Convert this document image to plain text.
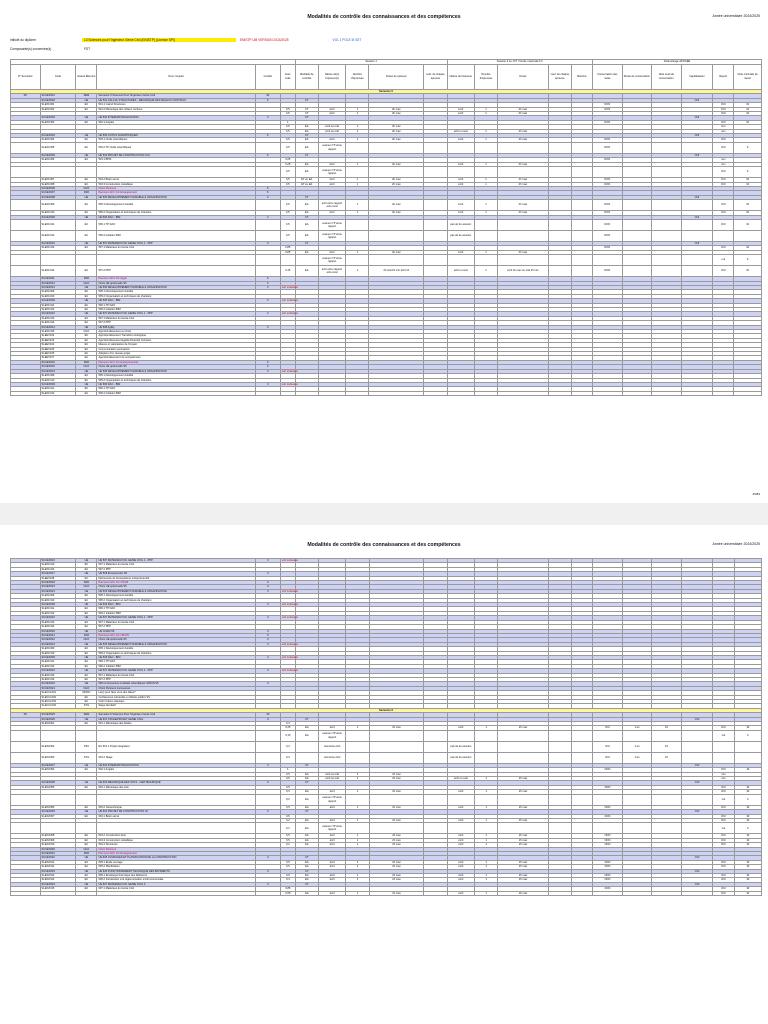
Modalités de contrôle des connaissances et des compétences	Année universitaire 2024/2025
Intitulé du diplôme	L3 Sciences pour l'Ingénieur Génie Civil (ENISTP) (Licence SPI)	ENISTP UM VERSION 2024/2025	VOL 1 POLE M SET
Composante(s) concernée(s)	FST
						Session 1					Session 2 ou 1CT / Durée maximale 6 h					Paramétrage APOGEE					
N° Semestre	Code	Nature Élément	Nom complet	Crédits	Coef. code	Modalité de contrôle	Nature de(s) l'épreuve(s)	Nombre d'épreuves	Durée de épreuve	coef. de chaque épreuve	Nature de l'épreuve	Nombre d'épreuves	Durée	coef. de chaque épreuve	Barème	Conservation des notes	Durée de conservation	Note seuil de conservation	Capitalisation	Report	Note minimale de report
Semestre 5																					
S5	SCUEX001	SEM	Semestre 5 Sciences Pour l'Ingénieur Génie Civil	30																	
	SCUEX002	UE	UE 501 CALCUL STRUCTURES - MECANIQUE DES MILIEUX CONTINUS	6		CT													OUI		
	SLEX1N01	EC	501.1 Calcul Structures													NON				OUI	10
	SLEX1N02	EC	501.2 Mécanique des milieux continus		0,5	CT	écrit	1	2h max		écrit	1	2h max			NON				OUI	10
					0,5	CT	écrit	1	2h max		écrit	1	2h max							OUI	10
	SCUEX003	UE	UE 502 INTERNATIONALISATION	3		CT													OUI		
	SLEX1N03	EC	502.1 Anglais		1											NON				OUI	10
					0,5	EA	écrit ou oral	1	2h max											non	
					0,5	EA	écrit ou oral	1	2h max		écrit ou oral	1	2h max							non	
	SCUEX004	UE	UE 503 OUTILS SCIENTIFIQUES	6		CT													OUI		
	SLEX1N04	EC	503.1 Outils scientifiques		0,5	EA	écrit	1	2h max		écrit	1	2h max			NON				OUI	
	SLEX1N05	EC	503.2 TP Outils scientifiques		0,5	EA	examen TP et/ou rapport									NON				OUI	0
	SCUEX005	UE	UE 504 PROJET DE CONSTRUCTION CCC	6		CT													OUI		
	SLEX1N06	EC	504.1 BPM		0,25											NON				non	
					0,25	EA	écrit	1	2h max		écrit	1	2h max							non	
					0,5	EA	examen TP et/ou rapport													OUI	0
	SLEX1N07	EC	504.2 Béton armé		0,5	ET ou EA	écrit	1	2h max		écrit	1	2h max			NON				OUI	10
	SLEX1N08	EC	504.3 Construction métallique		0,5	ET ou EA	écrit	1	2h max		écrit	1	2h max			NON				OUI	10
	SCUEX006	CHO	Choix Parcours	6																	
	SCUEX007	PAR	Parcours GFC GC Enseignement	6																	
	SCUEX008	UE	UE 505 DEVELOPPEMENT DURABLE & ORGANISATION	3		CT													OUI		
	SLEX1N09	EC	505.1 Développement durable		0,5	EA	écrit et/ou rapport et/ou oral	1	2h max		écrit	1	2h max			NON				OUI	10
	SLEX1N10	EC	505.2 Organisation et techniques de chantiers		0,5	EA	écrit	1	2h max		écrit	1	2h max			NON				OUI	10
	SCUEX009	UE	UE 506 DAO - BIM	3		CT													OUI		
	SLEX1N11	EC	506.1 TP DAO		0,5	EA	examen TP et/ou rapport				pas de 2e session					NON				OUI	10
	SLEX1N12	EC	506.2 Initiation BIM		0,5	EA	examen TP et/ou rapport				pas de 2e session					NON					
	SCUEX010	UE	UE 507 MATERIAUX DU GENIE CIVIL 1 - PPP	3		CT													OUI		
	SLEX1N13	EC	507.1 Matériaux du Génie Civil		0,85											NON				OUI	10
					0,85	EA	écrit	1	2h max		écrit	1	2h max								
							examen TP et/ou rapport													nul	0
	SLEX1N14	EC	507.2 PPP		0,15	EA	écrit et/ou rapport et/ou oral	1	2h oral 15 min écrit 1h		écrit ou oral	1	écrit 1h max ou oral 15 min			NON				OUI	10
	SCUEX011	PAR	Parcours GFC GC Agglo	6																	
	SCUEX012	CHO	Choix UE optionnelle S5	3																	
	SCUEX013	UE	UE 505 DEVELOPPEMENT DURABLE & ORGANISATION	3	voir ci-dessus																
	SLEX1N09	EC	505.1 Développement durable																		
	SLEX1N10	EC	505.2 Organisation et techniques de chantiers																		
	SCUEX009	UE	UE 506 DAO - BIM	3	voir ci-dessus																
	SLEX1N11	EC	506.1 TP DAO																		
	SLEX1N12	EC	506.2 Initiation BIM																		
	SCUEX010	UE	UE 507 MATERIAUX DU GENIE CIVIL 1 - PPP	3	voir ci-dessus																
	SLEX1N13	EC	507.1 Matériaux du Génie Civil																		
	SLEX1N14	EC	507.2 PPP																		
	SCUEX014	UE	UE 508 Agility	3																	
	SLEX1N15	CHO	Approfondissement au choix																		
	SLEEX102	EC	Approfondissement Transition écologique																		
	SLEEX103	EC	Approfondissement Egalité Diversité Inclusion																		
	SLEEX104	EC	Mesure et valorisation de l'impact																		
	SLEEX105	EC	Communication persuasive																		
	SLEEX106	EC	Adoption d'un réseau-projet																		
	SLEEX107	EC	Approfondissement de compétences																		
	SCUEX015	PAR	Parcours GFC GC Entrepreneuriat	6																	
	SCUEX016	CHO	Choix UE optionnelle S5	3																	
	SCUEX013	UE	UE 505 DEVELOPPEMENT DURABLE & ORGANISATION	3	voir ci-dessus																
	SLEX1N09	EC	505.1 Développement durable																		
	SLEX1N10	EC	505.2 Organisation et techniques de chantiers																		
	SCUEX009	UE	UE 506 DAO - BIM	3	voir ci-dessus																
	SLEX1N11	EC	506.1 TP DAO																		
	SLEX1N12	EC	506.2 Initiation BIM																		
25/83
Modalités de contrôle des connaissances et des compétences	Année universitaire 2024/2025
	SCUEX010	UE	UE 507 MATERIAUX DU GENIE CIVIL 1 - PPP	3	voir ci-dessus																
	SLEX1N13	EC	507.1 Matériaux du Génie Civil																		
	SLEX1N14	EC	507.2 PPP																		
	SCUEX017	UE	UE 508 Entreprendre S5	3																	
	SLEEX108	EC	Découverte de l'écosystème entrepreneurial																		
	SCUEX018	PAR	Parcours GFC GC CNAM	6																	
	SCUEX019	CHO	Choix UE optionnelle S5	3																	
	SCUEX013	UE	UE 505 DEVELOPPEMENT DURABLE & ORGANISATION	3	voir ci-dessus																
	SLEX1N09	EC	505.1 Développement durable																		
	SLEX1N10	EC	505.2 Organisation et techniques de chantiers																		
	SCUEX009	UE	UE 506 DAO - BIM	3	voir ci-dessus																
	SLEX1N11	EC	506.1 TP DAO																		
	SLEX1N12	EC	506.2 Initiation BIM																		
	SCUEX010	UE	UE 507 MATERIAUX DU GENIE CIVIL 1 - PPP	3	voir ci-dessus																
	SLEX1N13	EC	507.1 Matériaux du Génie Civil																		
	SLEX1N14	EC	507.2 PPP																		
	SCUEX020	UE	UE CNAM S5	3																	
	SCUEX021	PAR	Parcours GFC GC ORION	6																	
	SCUEX022	CHO	Choix UE optionnelle S5	3																	
	SCUEX013	UE	UE 505 DEVELOPPEMENT DURABLE & ORGANISATION	3	voir ci-dessus																
	SLEX1N09	EC	505.1 Développement durable																		
	SLEX1N10	EC	505.2 Organisation et techniques de chantiers																		
	SCUEX009	UE	UE 506 DAO - BIM	3	voir ci-dessus																
	SLEX1N11	EC	506.1 TP DAO																		
	SLEX1N12	EC	506.2 Initiation BIM																		
	SCUEX010	UE	UE 507 MATERIAUX DU GENIE CIVIL 1 - PPP	3	voir ci-dessus																
	SLEX1N13	EC	507.1 Matériaux du Génie Civil																		
	SLEX1N14	EC	507.2 PPP																		
	SCUEX023	UE	506 Controverses et débats scientifiques ORION S5	3																	
	SCUEX024	CHO	Choix Parcours transverses																		
	SLECCL001	MODU	Le(s) pour faire vivre des idées?																		
	SLECCL002	EC	Conférences culturelles et débats publics SS																		
	SLECCL003	EC	Club Culture classique																		
	SLECCL004	STG	Stage facultatif																		
Semestre 6																					
S6	SCUEX025	SEM	Semestre 6 Sciences Pour l'Ingénieur Génie Civil	30																	
	SCUEX026	UE	UE 601 STAGE/PROJET GENIE CIVIL	9		CT													OUI		
	SLEX2N01	EC	601.1 Mécanique des fluides		0,4																
					0,25	EA	écrit	1	2h max		écrit	1	2h max			OUI	1 an	10		OUI	10
					0,15	EA	examen TP et/ou rapport													nul	0
	SLEX2N02	PRJ	EC 601.1 Projet intégrateur		0,3		oral et/ou écrit				pas de 2e session					OUI	1 an	10			
	SLEX2N03	STG	601.2 Stage		0,3		oral et/ou écrit				pas de 2e session					OUI	1 an	10			
	SCUEX027	UE	UE 602 INTERNATIONALISATION	3		CT													OUI		
	SLEX2N04	EC	602.1 Anglais		1											NON				OUI	10
					0,5	EA	écrit ou oral	1	2h max											non	
					0,5	EA	écrit ou oral	1	2h max		écrit ou oral	1	2h max							non	
	SCUEX028	UE	UE 603 MECANIQUE DES SOLS - GEOTECHNIQUE	6		CT													OUI		
	SLEX2N05	EC	603.1 Mécanique des sols		0,5											NON				OUI	10
					0,3	EA	écrit	1	2h max		écrit	1	2h max							OUI	10
					0,2	EA	examen TP et/ou rapport													nul	0
	SLEX2N06	EC	603.2 Géotechnique		0,5	EA	écrit	1	2h max		écrit	1	2h max			NON				OUI	10
	SCUEX029	UE	UE 604 PROJET DE CONSTRUCTION CF	6		CT													OUI		
	SLEX2N07	EC	604.1 Béton armé		0,5											NON				OUI	10
					0,2	EA	écrit	1	2h max		écrit	1	2h max							OUI	10
					0,1	EA	examen TP et/ou rapport													nul	0
	SLEX2N08	EC	604.2 Construction bois		0,5	EA	écrit	1	2h max		écrit	1	2h max			NON				OUI	10
	SLEX2N09	EC	604.3 Construction métallique		0,5	EA	écrit	1	2h max		écrit	1	2h max			NON				OUI	10
	SLEX2N10	EC	604.4 Structures		0,2	EA	écrit	1	2h max		écrit	1	2h max			NON				OUI	10
	SCUEX030	CHO	Choix Parcours																		
	SCUEX031	PAR	Parcours GFC GC Enseignement																		
	SCUEX032	UE	UE 605 OUVRAGES ET PLANIFICATION DE LA CONSTRUCTION	3		CT													OUI		
	SLEX2N11	EC	605.1 Etude ouvrage		0,5	EA	écrit	1	2h max		écrit	1	2h max			NON				OUI	10
	SLEX2N12	EC	605.2 Planification		0,5	EA	écrit	1	2h max		écrit	1	2h max			NON				OUI	10
	SCUEX033	UE	UE 606 FONCTIONNEMENT TECHNIQUE DES BATIMENTS	3		CT													OUI		
	SLEX2N13	EC	606.1 Enveloppe thermique des bâtiments		0,6	EA	écrit	1	2h max		écrit	1	2h max			NON				OUI	10
	SLEX2N14	EC	606.2 Introduction à la réglementation environnementale		0,4	EA	écrit	1	2h max		écrit	1	2h max			NON				OUI	10
	SCUEX034	UE	UE 607 MATERIAUX DU GENIE CIVIL 2	3		CT													OUI		
	SLEX2N15	EC	607.1 Matériaux du Génie Civil		0,85											NON				OUI	10
					0,65	EA	écrit	1	2h max		écrit	1	2h max							OUI	10
